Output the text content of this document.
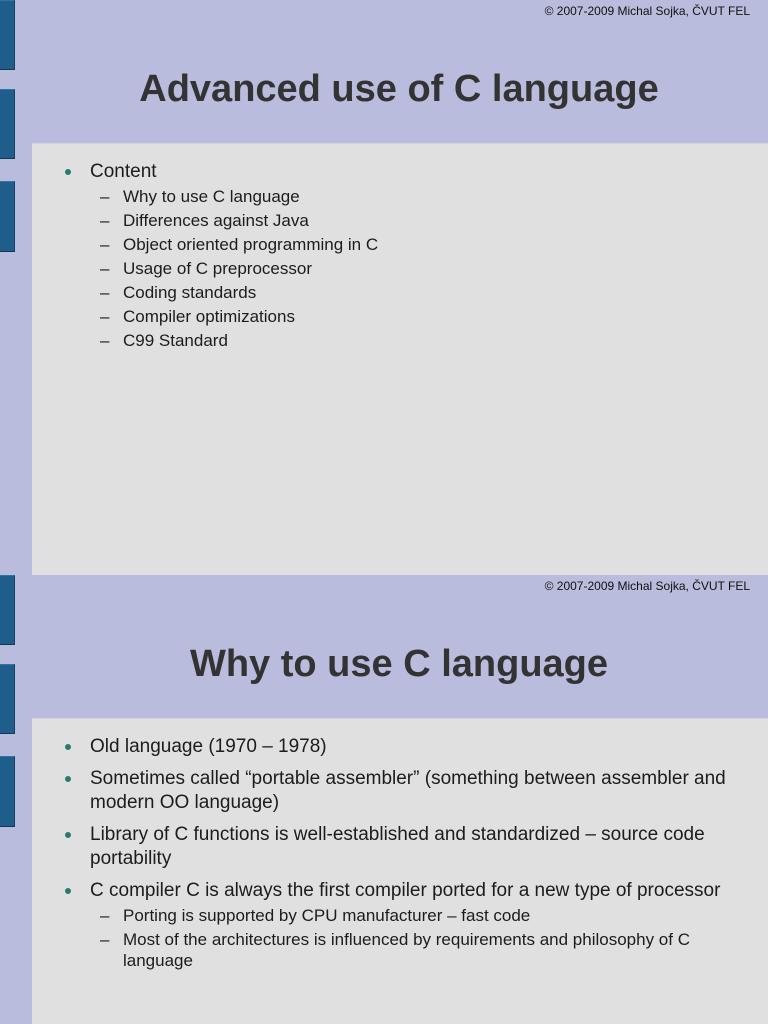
© 2007-2009 Michal Sojka, ČVUT FEL
Advanced use of C language
Content
– Why to use C language
– Differences against Java
– Object oriented programming in C
– Usage of C preprocessor
– Coding standards
– Compiler optimizations
– C99 Standard
© 2007-2009 Michal Sojka, ČVUT FEL
Why to use C language
Old language (1970 – 1978)
Sometimes called “portable assembler” (something between assembler and modern OO language)
Library of C functions is well-established and standardized – source code portability
C compiler C is always the first compiler ported for a new type of processor
– Porting is supported by CPU manufacturer – fast code
– Most of the architectures is influenced by requirements and philosophy of C language
